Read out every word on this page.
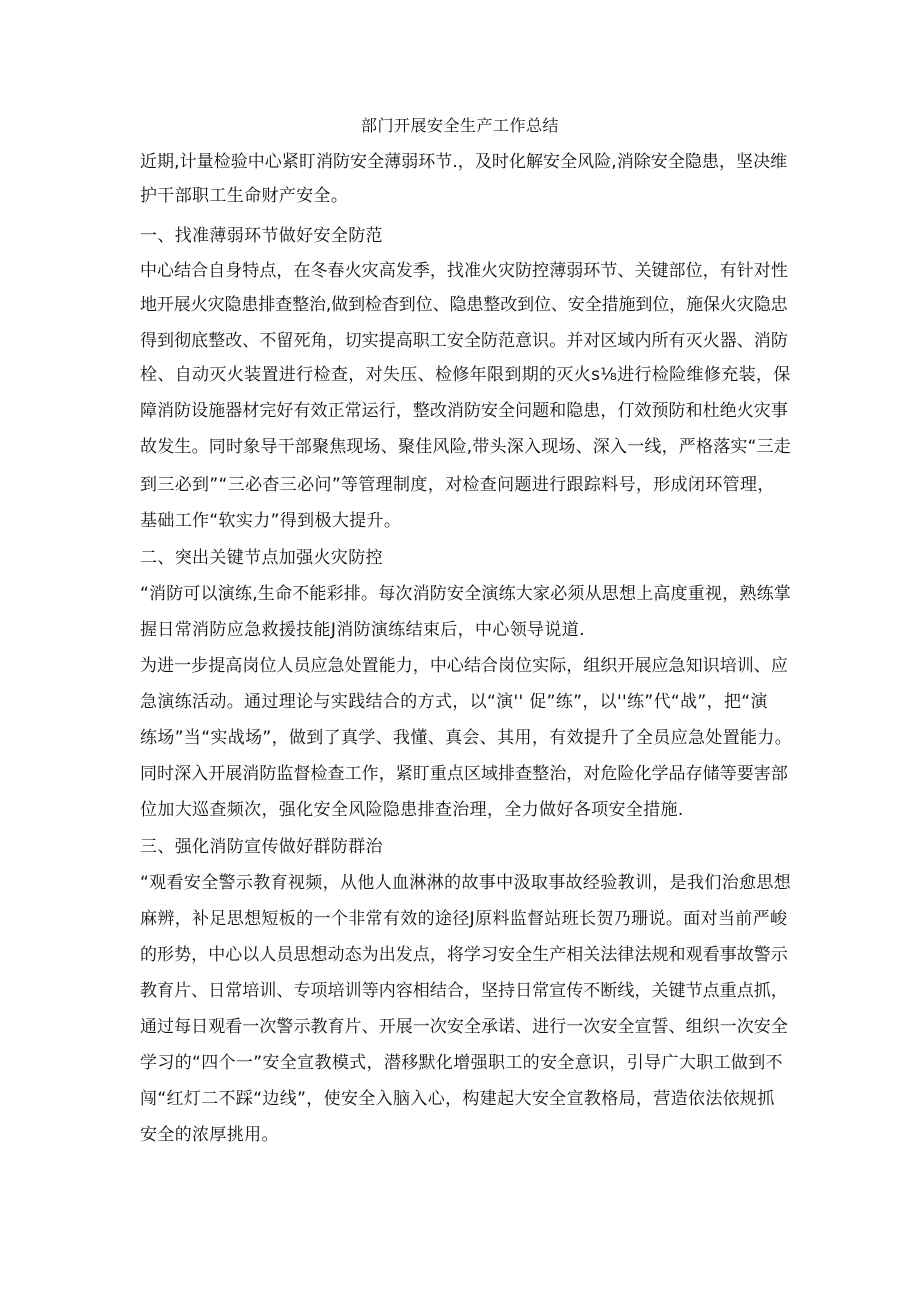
部门开展安全生产工作总结
近期,计量检验中心紧盯消防安全薄弱环节.，及时化解安全风险,消除安全隐患，坚决维
护干部职工生命财产安全。
一、找准薄弱环节做好安全防范
中心结合自身特点，在冬春火灾高发季，找准火灾防控薄弱环节、关键部位，有针对性
地开展火灾隐患排查整治,做到检杳到位、隐患整改到位、安全措施到位，施保火灾隐忠
得到彻底整改、不留死角，切实提高职工安全防范意识。并对区域内所有灭火器、消防
栓、自动灭火装置进行检查，对失压、检修年限到期的灭火s⅛进行检险维修充装，保
障消防设施器材完好有效正常运行，整改消防安全问题和隐患，仃效预防和杜绝火灾事
故发生。同时象导干部聚焦现场、聚佳风险,带头深入现场、深入一线，严格落实“三走
到三必到”“三必杳三必问”等管理制度，对检查问题进行跟踪料号，形成闭环管理，
基础工作“软实力”得到极大提升。
二、突出关键节点加强火灾防控
“消防可以演练,生命不能彩排。每次消防安全演练大家必须从思想上高度重视，熟练掌
握日常消防应急救援技能J消防演练结束后，中心领导说道.
为进一步提高岗位人员应急处置能力，中心结合岗位实际，组织开展应急知识培训、应
急演练活动。通过理论与实践结合的方式，以“演'' 促”练”，以''练”代“战”，把“演
练场”当“实战场”，做到了真学、我懂、真会、其用，有效提升了全员应急处置能力。
同时深入开展消防监督检查工作，紧盯重点区域排查整治，对危险化学品存储等要害部
位加大巡查频次，强化安全风险隐患排查治理，全力做好各项安全措施.
三、强化消防宣传做好群防群治
“观看安全警示教育视频，从他人血淋淋的故事中汲取事故经验教训，是我们治愈思想
麻辨，补足思想短板的一个非常有效的途径J原料监督站班长贺乃珊说。面对当前严峻
的形势，中心以人员思想动态为出发点，将学习安全生产相关法律法规和观看事故警示
教育片、日常培训、专项培训等内容相结合，坚持日常宣传不断线，关键节点重点抓，
通过每日观看一次警示教育片、开展一次安全承诺、进行一次安全宣誓、组织一次安全
学习的“四个一”安全宣教模式，潜移默化增强职工的安全意识，引导广大职工做到不
闯“红灯二不踩“边线”，使安全入脑入心，构建起大安全宣教格局，营造依法依规抓
安全的浓厚挑用。
